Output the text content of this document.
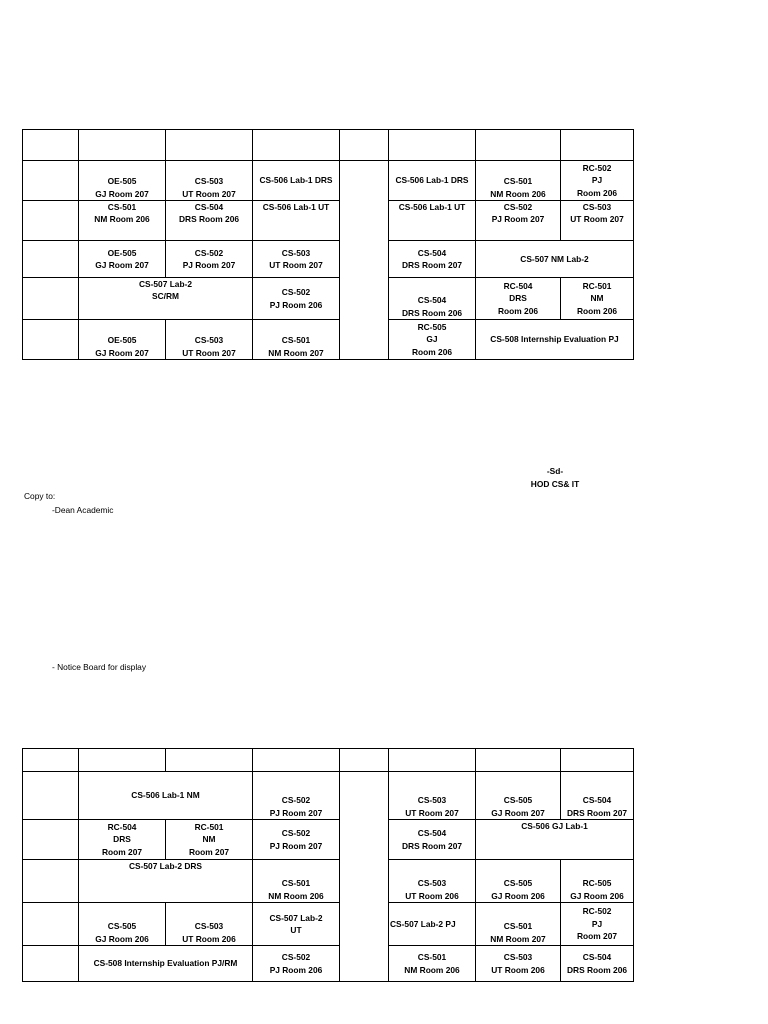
	OE-505
GJ Room 207	CS-503
UT Room 207	CS-506 Lab-1 DRS		CS-506 Lab-1 DRS	CS-501
NM Room 206	RC-502
PJ
Room 206

	CS-501
NM Room 206	CS-504
DRS Room 206	CS-506 Lab-1 UT		CS-506 Lab-1 UT	CS-502
PJ Room 207	CS-503
UT Room 207

	OE-505
GJ Room 207	CS-502
PJ Room 207	CS-503
UT Room 207		CS-504
DRS Room 207	CS-507 NM Lab-2	

	CS-507 Lab-2
SC/RM		CS-502
PJ Room 206		CS-504
DRS Room 206	RC-504
DRS
Room 206	RC-501
NM
Room 206

	OE-505
GJ Room 207	CS-503
UT Room 207	CS-501
NM Room 207		RC-505
GJ
Room 206	CS-508 Internship Evaluation PJ	
-Sd-
HOD CS& IT
Copy to:
-Dean Academic
- Notice Board for display

	CS-506 Lab-1 NM		CS-502
PJ Room 207		CS-503
UT Room 207	CS-505
GJ Room 207	CS-504
DRS Room 207

	RC-504
DRS
Room 207	RC-501
NM
Room 207	CS-502
PJ Room 207		CS-504
DRS Room 207	CS-506 GJ Lab-1	

	CS-507 Lab-2 DRS		CS-501
NM Room 206		CS-503
UT Room 206	CS-505
GJ Room 206	RC-505
GJ Room 206

	CS-505
GJ Room 206	CS-503
UT Room 206	CS-507 Lab-2
UT		CS-507 Lab-2 PJ	CS-501
NM Room 207	RC-502
PJ
Room 207

	CS-508 Internship Evaluation PJ/RM		CS-502
PJ Room 206		CS-501
NM Room 206	CS-503
UT Room 206	CS-504
DRS Room 206
